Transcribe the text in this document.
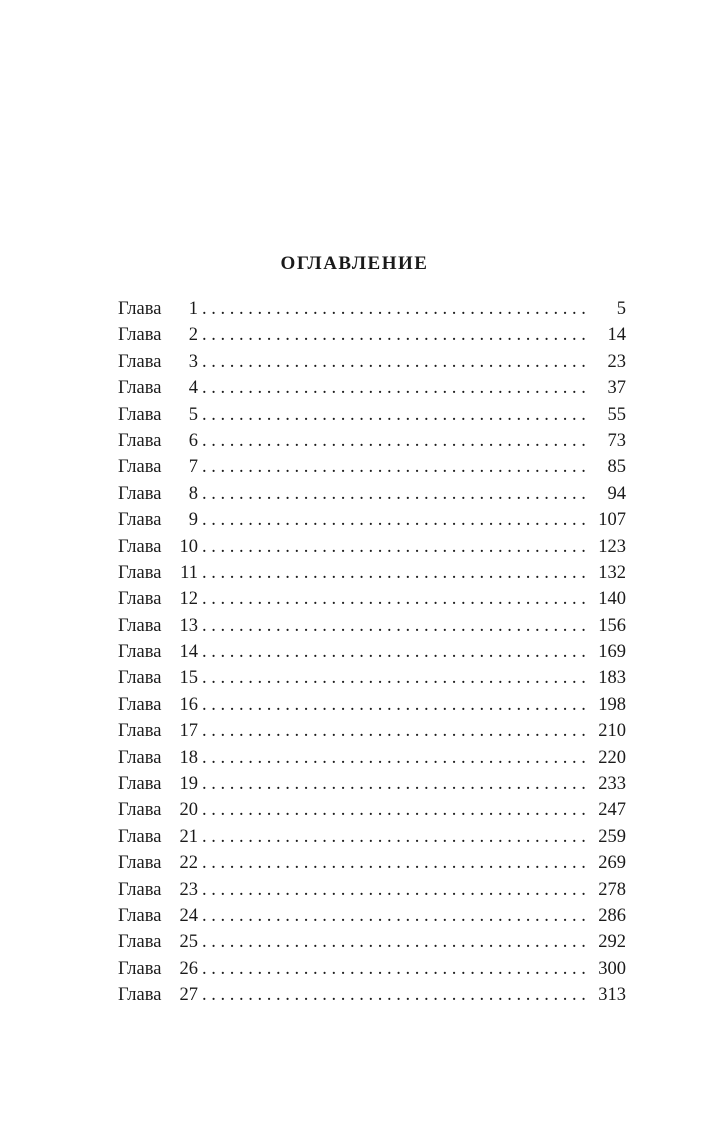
ОГЛАВЛЕНИЕ
Глава	1 . . .	5
Глава	2 . . .	14
Глава	3 . . .	23
Глава	4 . . .	37
Глава	5 . . .	55
Глава	6 . . .	73
Глава	7 . . .	85
Глава	8 . . .	94
Глава	9 . . .	107
Глава 10 . . .	123
Глава	11 . . .	132
Глава 12 . . .	140
Глава 13 . . .	156
Глава 14 . . .	169
Глава 15 . . .	183
Глава 16 . . .	198
Глава 17 . . .	210
Глава 18 . . .	220
Глава 19 . . .	233
Глава 20 . . .	247
Глава 21 . . .	259
Глава 22 . . .	269
Глава 23 . . .	278
Глава 24 . . .	286
Глава 25 . . .	292
Глава 26 . . .	300
Глава 27 . . .	313
